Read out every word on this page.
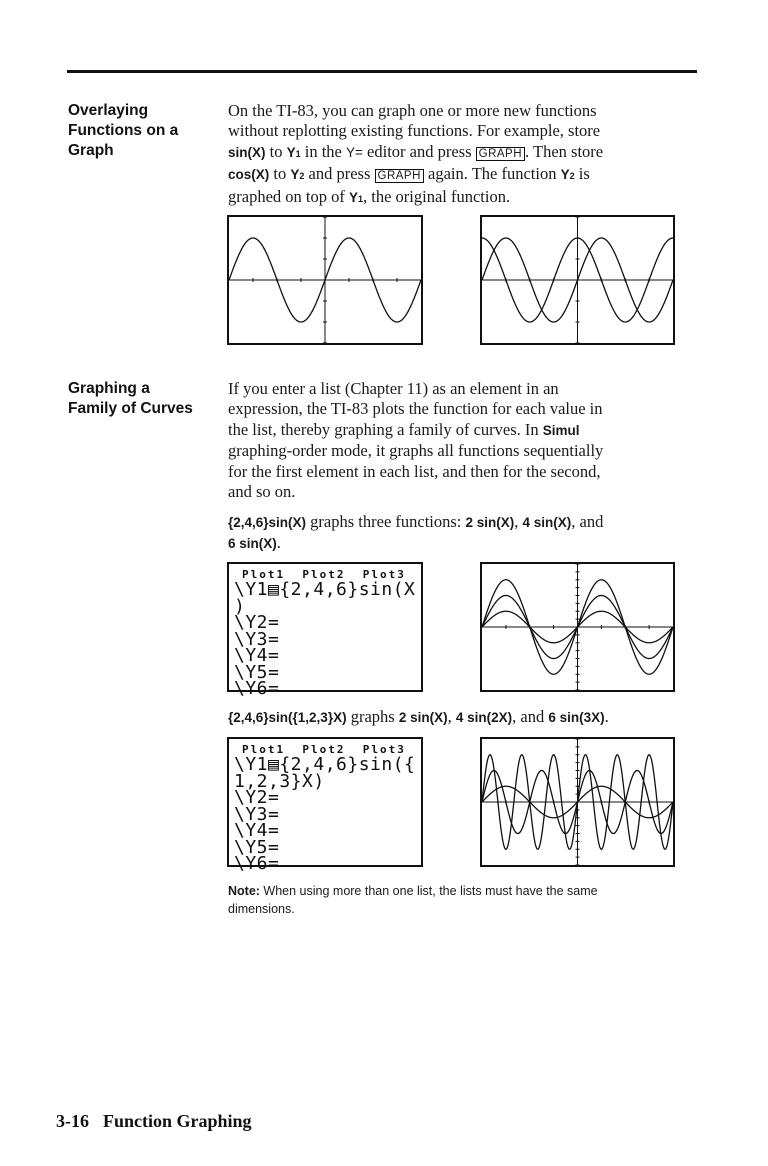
Overlaying
Functions on a
Graph
On the TI-83, you can graph one or more new functions
without replotting existing functions. For example, store
sin(X) to Y1 in the Y= editor and press GRAPH . Then store
cos(X) to Y2 and press GRAPH again. The function Y2 is
graphed on top of Y1, the original function.
Graphing a
Family of Curves
If you enter a list (Chapter 11) as an element in an
expression, the TI-83 plots the function for each value in
the list, thereby graphing a family of curves. In Simul
graphing-order mode, it graphs all functions sequentially
for the first element in each list, and then for the second,
and so on.
{2,4,6}sin(X) graphs three functions: 2 sin(X), 4 sin(X), and
6 sin(X).
Plot1  Plot2  Plot3
\Y1▤{2,4,6}sin(X
)
\Y2=
\Y3=
\Y4=
\Y5=
\Y6=
{2,4,6}sin({1,2,3}X) graphs 2 sin(X), 4 sin(2X), and 6 sin(3X).
Plot1  Plot2  Plot3
\Y1▤{2,4,6}sin({
1,2,3}X)
\Y2=
\Y3=
\Y4=
\Y5=
\Y6=
Note: When using more than one list, the lists must have the same
dimensions.
3-16 Function Graphing
